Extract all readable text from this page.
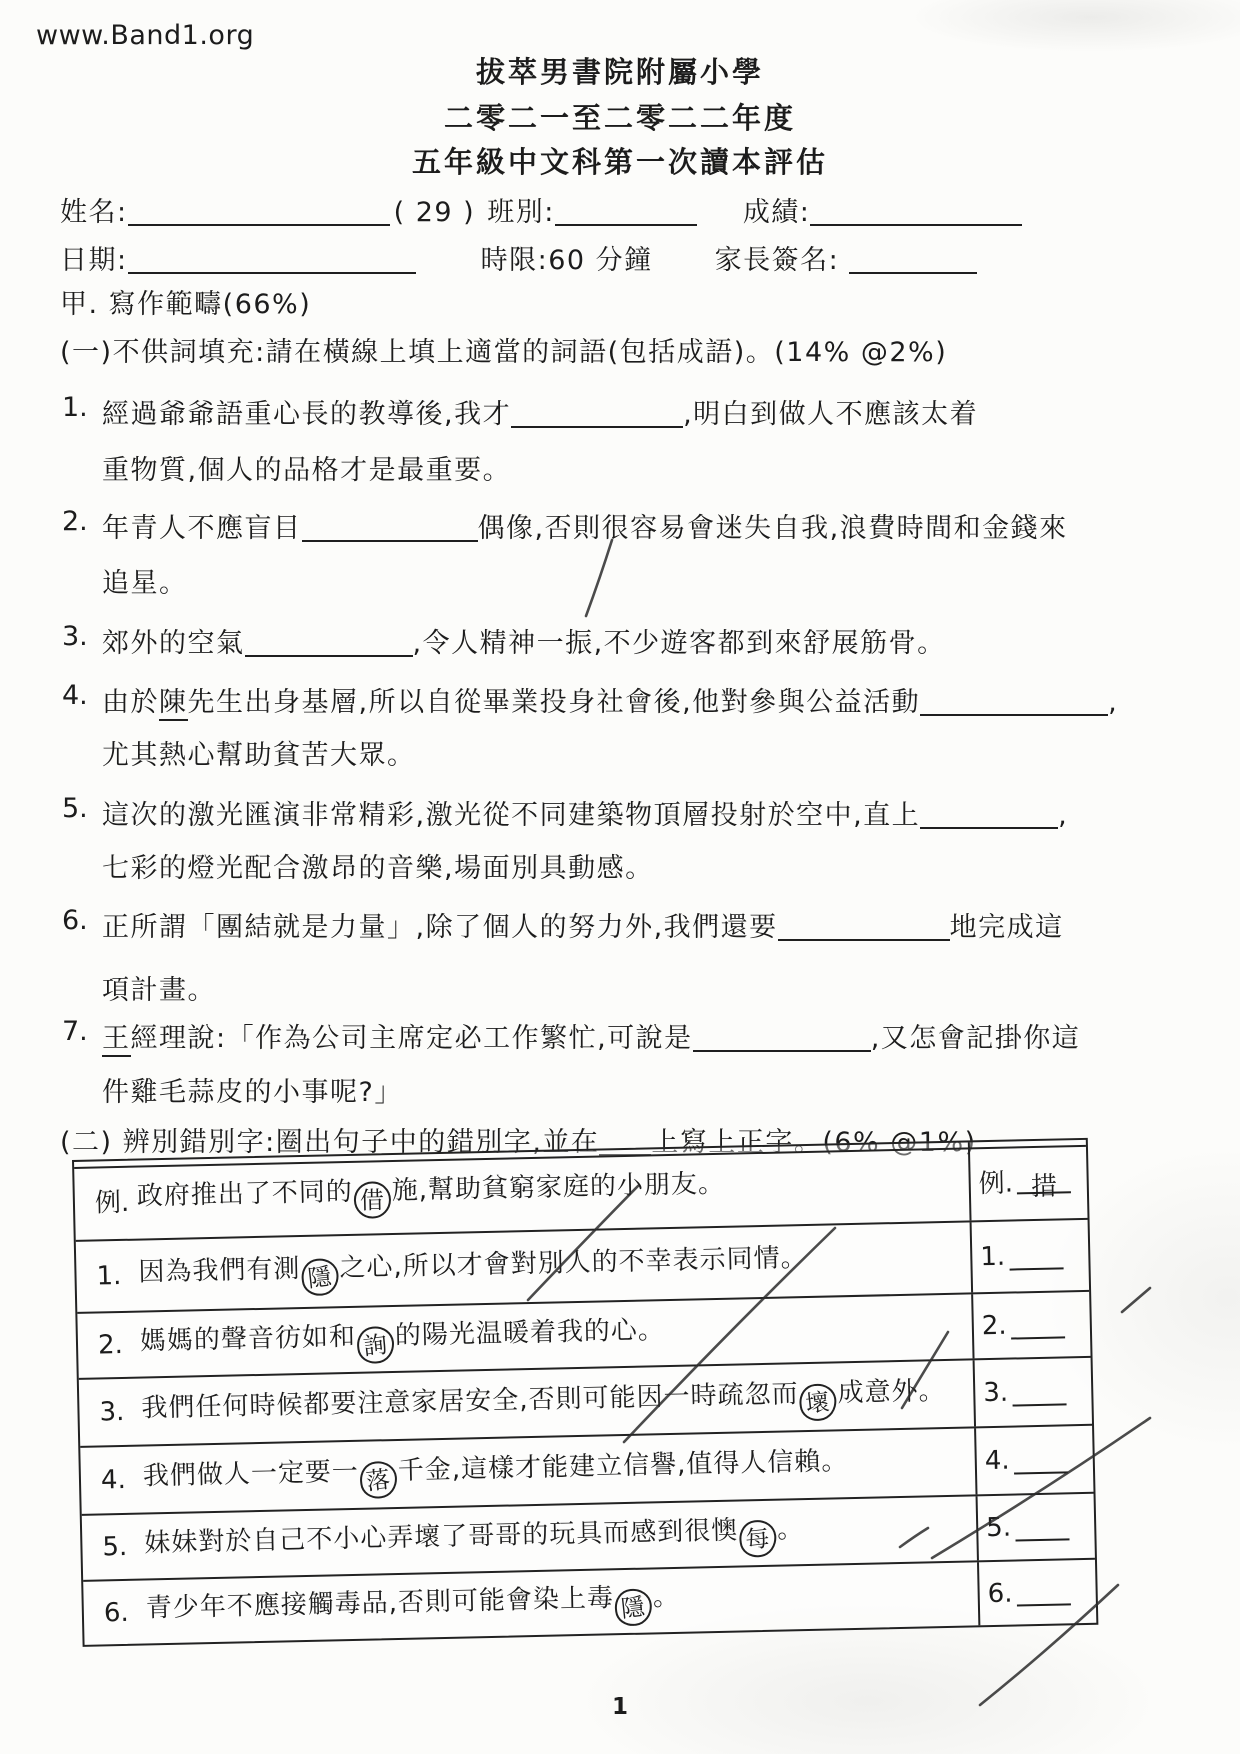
www.Band1.org
拔萃男書院附屬小學
二零二一至二零二二年度
五年級中文科第一次讀本評估
姓名:	( 29 ) 班別:	成績:
日期:	時限:60 分鐘 家長簽名:
甲. 寫作範疇(66%)
(一)不供詞填充:請在橫線上填上適當的詞語(包括成語)。(14% @2%)
1. 經過爺爺語重心長的教導後,我才	,明白到做人不應該太着
重物質,個人的品格才是最重要。
2. 年青人不應盲目	偶像,否則很容易會迷失自我,浪費時間和金錢來
追星。
3. 郊外的空氣	,令人精神一振,不少遊客都到來舒展筋骨。
4. 由於陳先生出身基層,所以自從畢業投身社會後,他對參與公益活動	,
尤其熱心幫助貧苦大眾。
5. 這次的激光匯演非常精彩,激光從不同建築物頂層投射於空中,直上	,
七彩的燈光配合激昂的音樂,場面別具動感。
6. 正所謂「團結就是力量」,除了個人的努力外,我們還要	地完成這
項計畫。
7. 王經理說:「作為公司主席定必工作繁忙,可說是	,又怎會記掛你這
件雞毛蒜皮的小事呢?」
(二) 辨別錯別字:圈出句子中的錯別字,並在 上寫上正字。(6% @1%)
例. 政府推出了不同的 借 施,幫助貧窮家庭的小朋友。	例. 措
1. 因為我們有測 隱 之心,所以才會對別人的不幸表示同情。	1.
2. 媽媽的聲音彷如和 詢 的陽光温暖着我的心。	2.
3. 我們任何時候都要注意家居安全,否則可能因一時疏忽而 壞 成意外。	3.
4. 我們做人一定要一 落 千金,這樣才能建立信譽,值得人信賴。	4.
5. 妹妹對於自己不小心弄壞了哥哥的玩具而感到很懊 每 。	5.
6. 青少年不應接觸毒品,否則可能會染上毒 隱 。	6.
1
